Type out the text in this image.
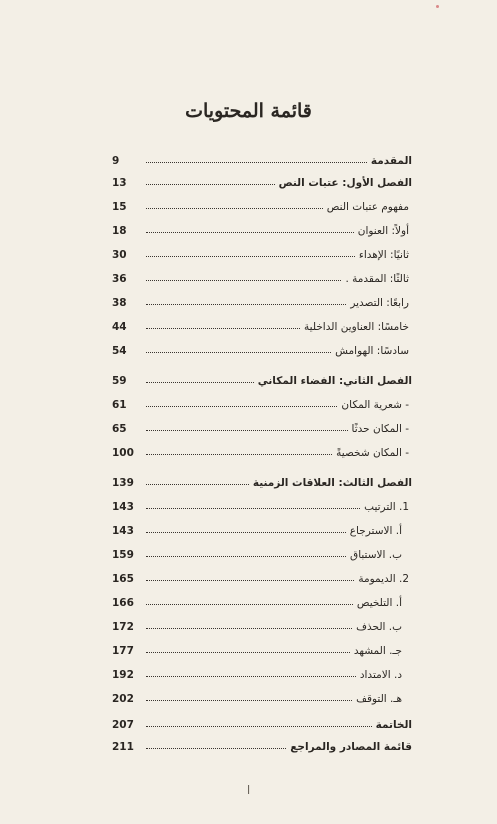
قائمة المحتويات
9	المقدمة
13	الفصل الأول: عتبات النص
15	مفهوم عتبات النص
18	أولاً: العنوان
30	ثانيًا: الإهداء
36	ثالثًا: المقدمة .
38	رابعًا: التصدير
44	خامسًا: العناوين الداخلية
54	سادسًا: الهوامش
59	الفصل الثاني: الفضاء المكاني
61	- شعرية المكان
65	- المكان حدثًا
100	- المكان شخصيةً
139	الفصل الثالث: العلاقات الزمنية
143	1. الترتيب
143	أ. الاسترجاع
159	ب. الاستباق
165	2. الديمومة
166	أ. التلخيص
172	ب. الحذف
177	جـ. المشهد
192	د. الامتداد
202	هـ. التوقف
207	الخاتمة
211	قائمة المصادر والمراجع
ا
